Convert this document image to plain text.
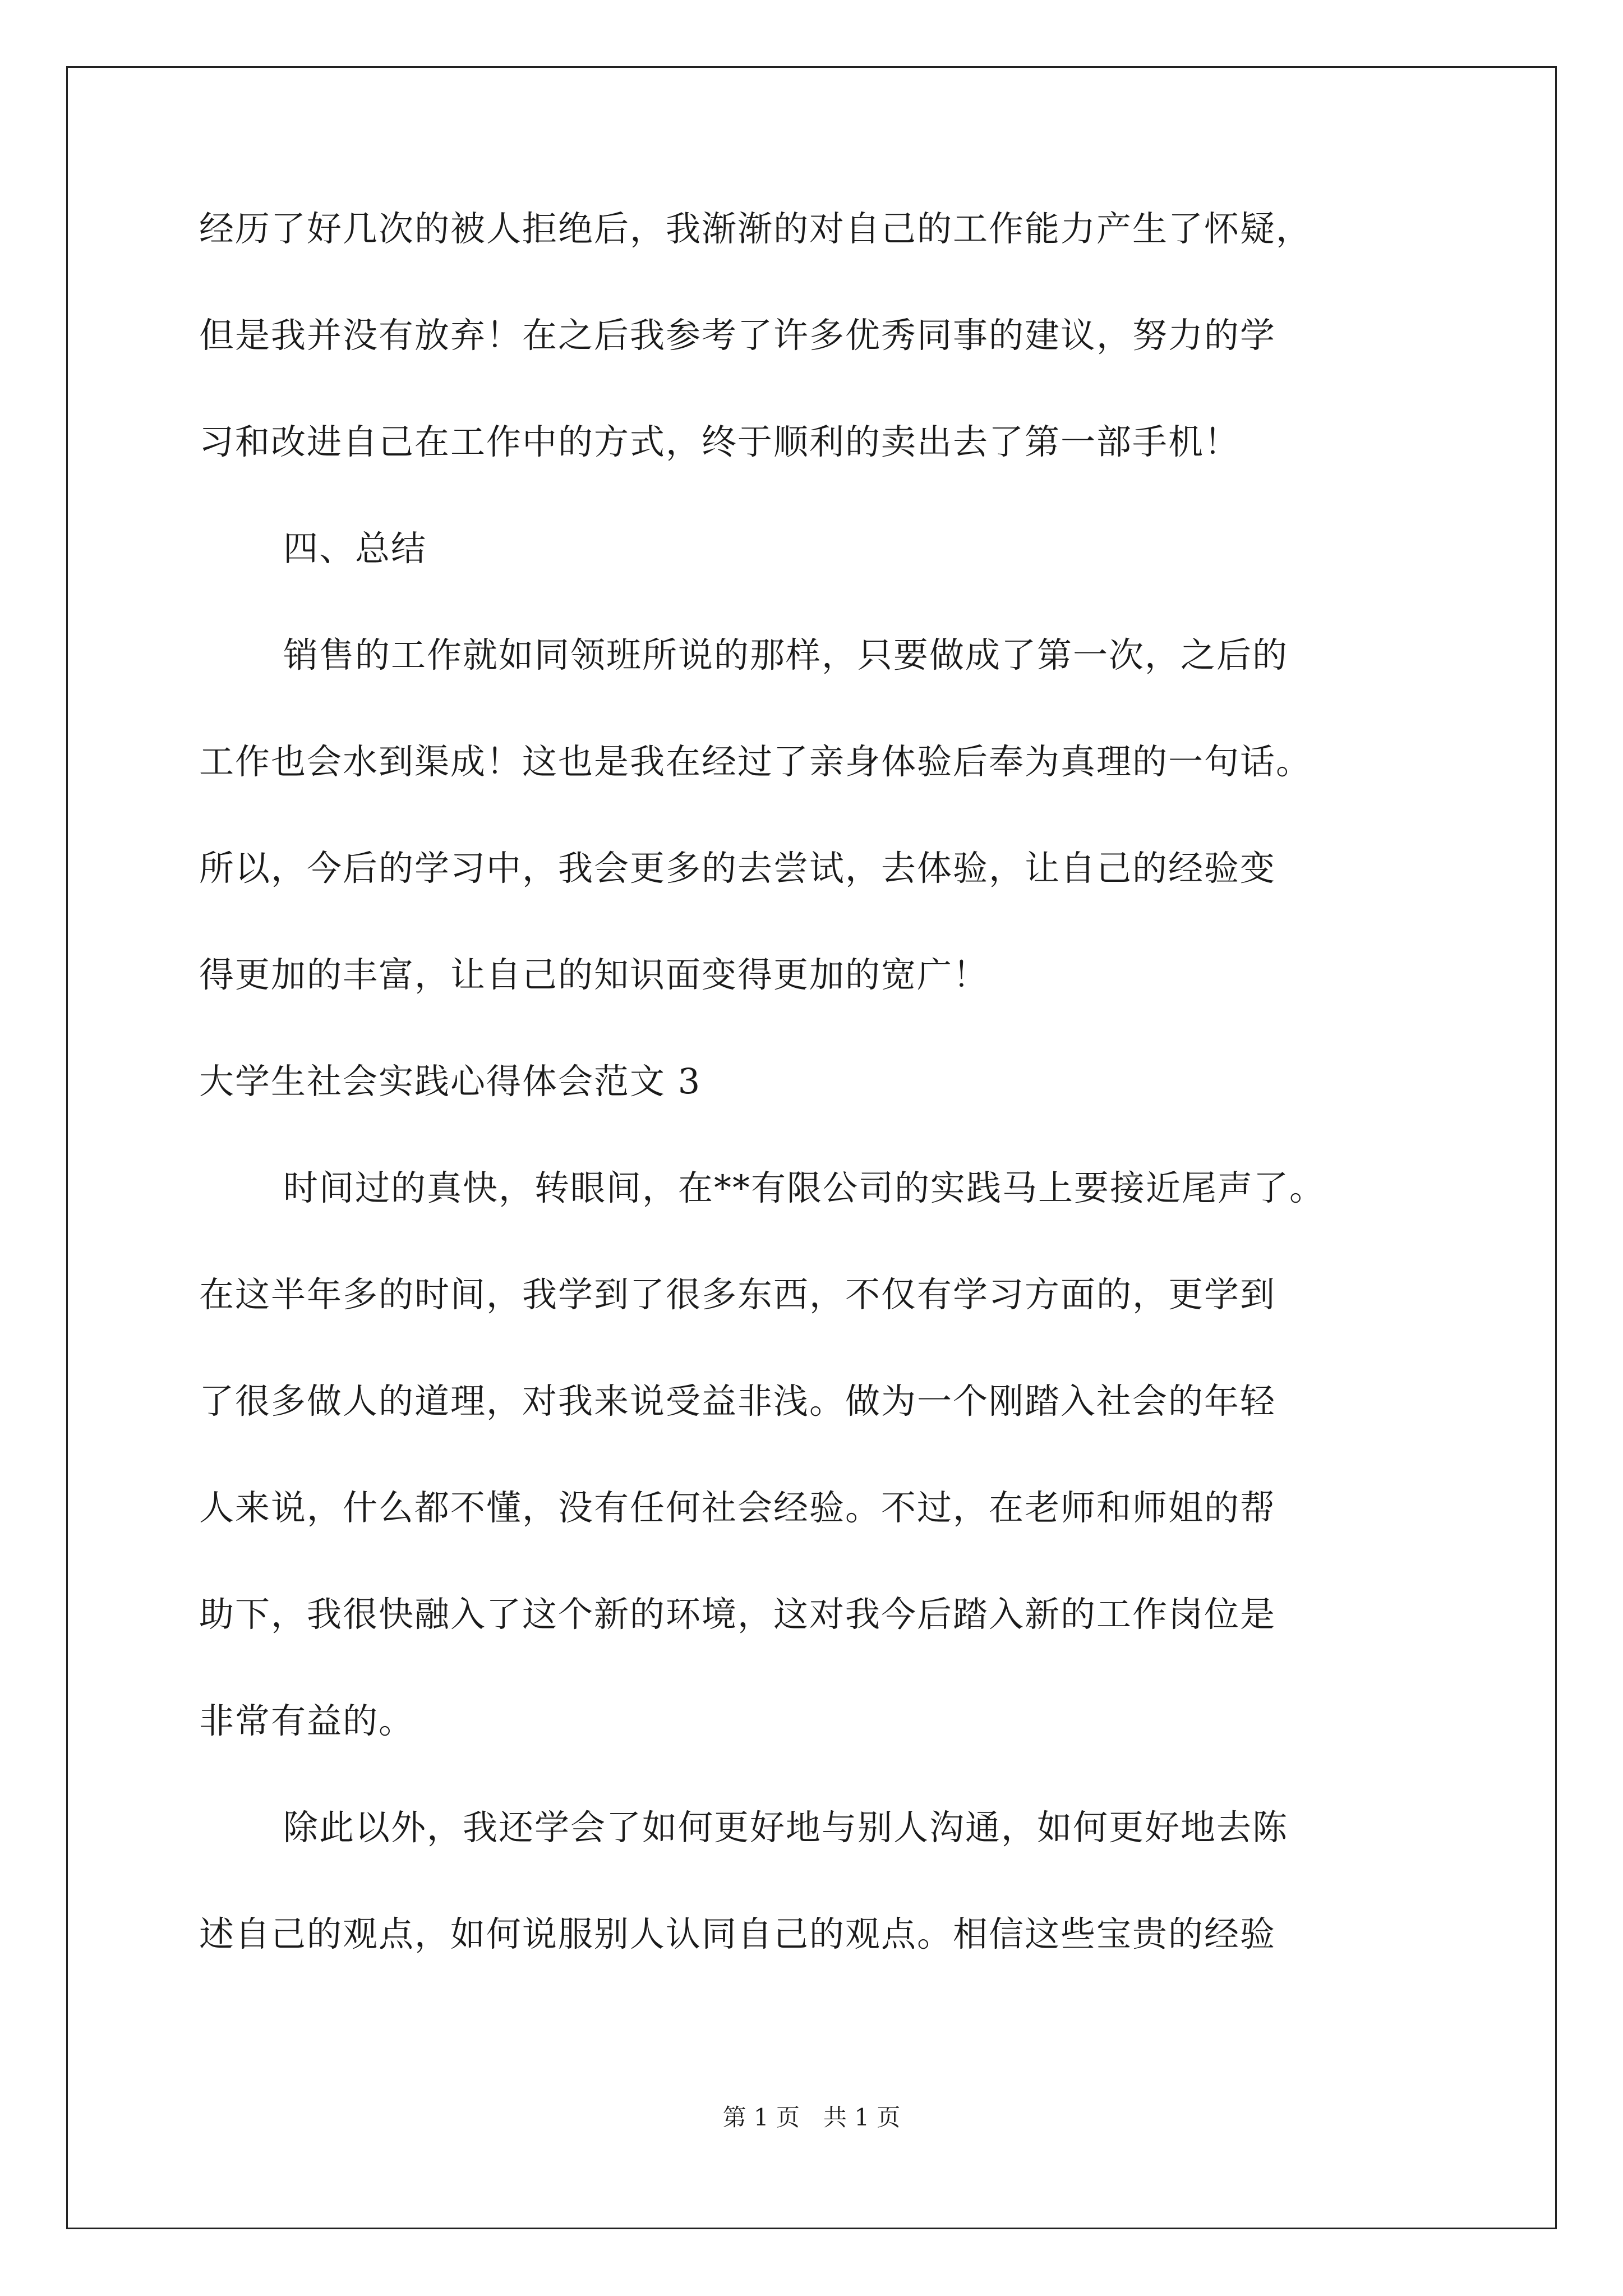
经历了好几次的被人拒绝后，我渐渐的对自己的工作能力产生了怀疑，
但是我并没有放弃！在之后我参考了许多优秀同事的建议，努力的学
习和改进自己在工作中的方式，终于顺利的卖出去了第一部手机！
四、总结
销售的工作就如同领班所说的那样，只要做成了第一次，之后的
工作也会水到渠成！这也是我在经过了亲身体验后奉为真理的一句话。
所以，今后的学习中，我会更多的去尝试，去体验，让自己的经验变
得更加的丰富，让自己的知识面变得更加的宽广！
大学生社会实践心得体会范文 3
时间过的真快，转眼间，在**有限公司的实践马上要接近尾声了。
在这半年多的时间，我学到了很多东西，不仅有学习方面的，更学到
了很多做人的道理，对我来说受益非浅。做为一个刚踏入社会的年轻
人来说，什么都不懂，没有任何社会经验。不过，在老师和师姐的帮
助下，我很快融入了这个新的环境，这对我今后踏入新的工作岗位是
非常有益的。
除此以外，我还学会了如何更好地与别人沟通，如何更好地去陈
述自己的观点，如何说服别人认同自己的观点。相信这些宝贵的经验
第 1 页　共 1 页
